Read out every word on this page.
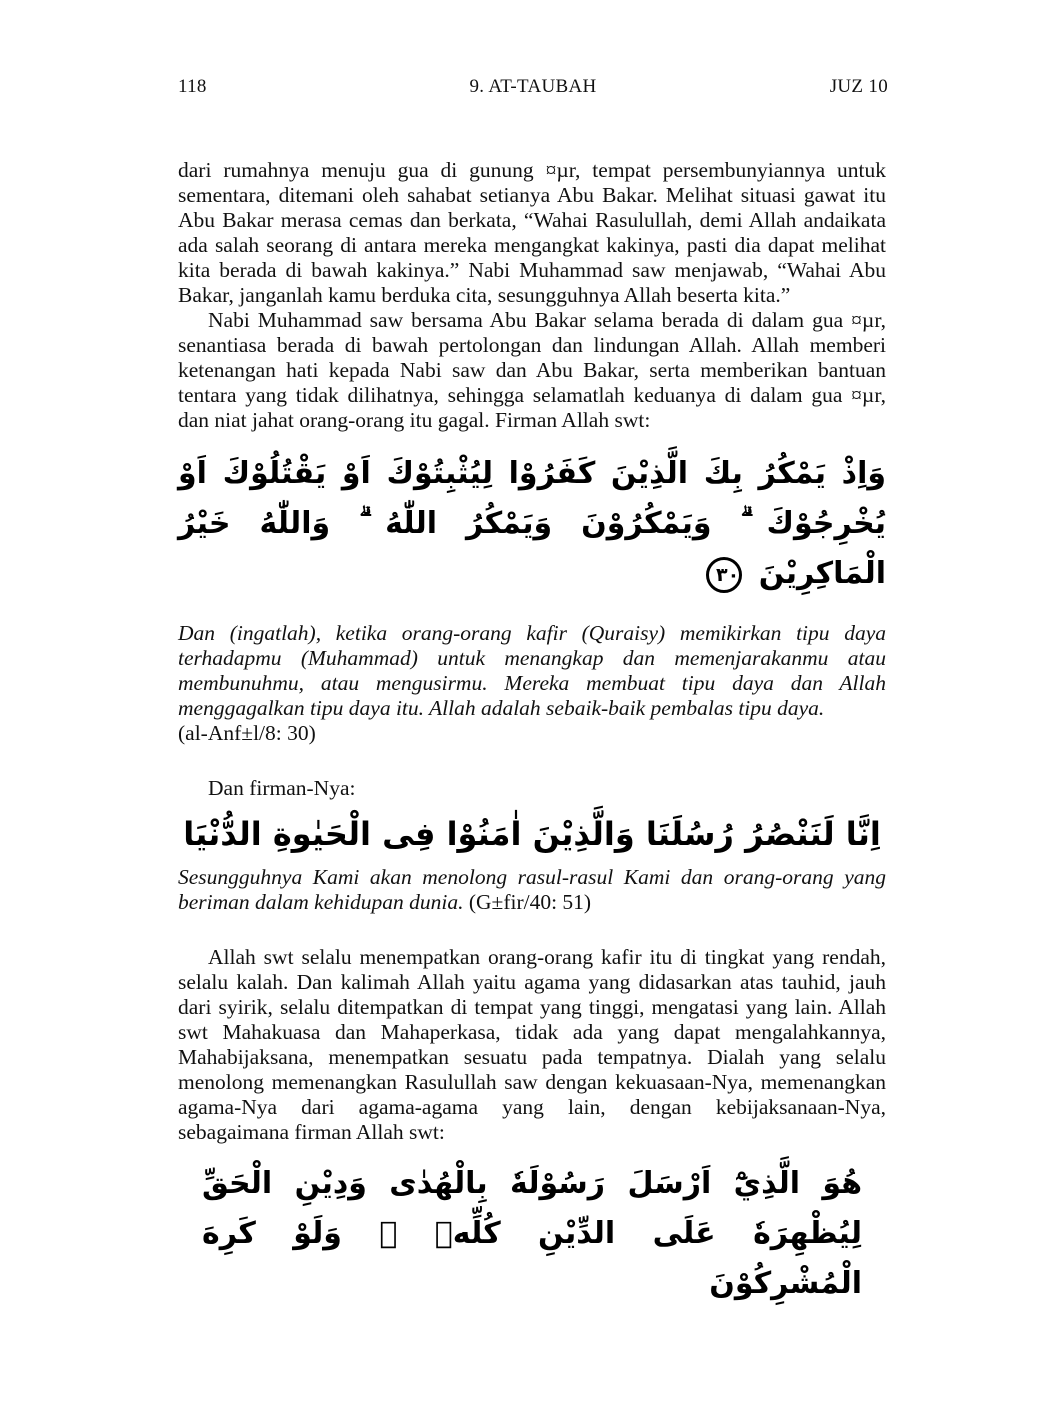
118	9. AT-TAUBAH	JUZ 10

dari rumahnya menuju gua di gunung ¤µr, tempat persembunyiannya untuk sementara, ditemani oleh sahabat setianya Abu Bakar. Melihat situasi gawat itu Abu Bakar merasa cemas dan berkata, “Wahai Rasulullah, demi Allah andaikata ada salah seorang di antara mereka mengangkat kakinya, pasti dia dapat melihat kita berada di bawah kakinya.” Nabi Muhammad saw menjawab, “Wahai Abu Bakar, janganlah kamu berduka cita, sesungguhnya Allah beserta kita.”

Nabi Muhammad saw bersama Abu Bakar selama berada di dalam gua ¤µr, senantiasa berada di bawah pertolongan dan lindungan Allah. Allah memberi ketenangan hati kepada Nabi saw dan Abu Bakar, serta memberikan bantuan tentara yang tidak dilihatnya, sehingga selamatlah keduanya di dalam gua ¤µr, dan niat jahat orang-orang itu gagal. Firman Allah swt:

وَاِذْ يَمْكُرُ بِكَ الَّذِيْنَ كَفَرُوْا لِيُثْبِتُوْكَ اَوْ يَقْتُلُوْكَ اَوْ يُخْرِجُوْكَ ۗ وَيَمْكُرُوْنَ وَيَمْكُرُ اللّٰهُ ۗ وَاللّٰهُ خَيْرُ الْمَاكِرِيْنَ ٣٠

Dan (ingatlah), ketika orang-orang kafir (Quraisy) memikirkan tipu daya terhadapmu (Muhammad) untuk menangkap dan memenjarakanmu atau membunuhmu, atau mengusirmu. Mereka membuat tipu daya dan Allah menggagalkan tipu daya itu. Allah adalah sebaik-baik pembalas tipu daya.

(al-Anf±l/8: 30)

Dan firman-Nya:

اِنَّا لَنَنْصُرُ رُسُلَنَا وَالَّذِيْنَ اٰمَنُوْا فِى الْحَيٰوةِ الدُّنْيَا

Sesungguhnya Kami akan menolong rasul-rasul Kami dan orang-orang yang beriman dalam kehidupan dunia. (G±fir/40: 51)

Allah swt selalu menempatkan orang-orang kafir itu di tingkat yang rendah, selalu kalah. Dan kalimah Allah yaitu agama yang didasarkan atas tauhid, jauh dari syirik, selalu ditempatkan di tempat yang tinggi, mengatasi yang lain. Allah swt Mahakuasa dan Mahaperkasa, tidak ada yang dapat mengalahkannya, Mahabijaksana, menempatkan sesuatu pada tempatnya. Dialah yang selalu menolong memenangkan Rasulullah saw dengan kekuasaan-Nya, memenangkan agama-Nya dari agama-agama yang lain, dengan kebijaksanaan-Nya, sebagaimana firman Allah swt:

هُوَ الَّذِيْٓ اَرْسَلَ رَسُوْلَهٗ بِالْهُدٰى وَدِيْنِ الْحَقِّ لِيُظْهِرَهٗ عَلَى الدِّيْنِ كُلِّهٖ ۙ وَلَوْ كَرِهَ الْمُشْرِكُوْنَ
